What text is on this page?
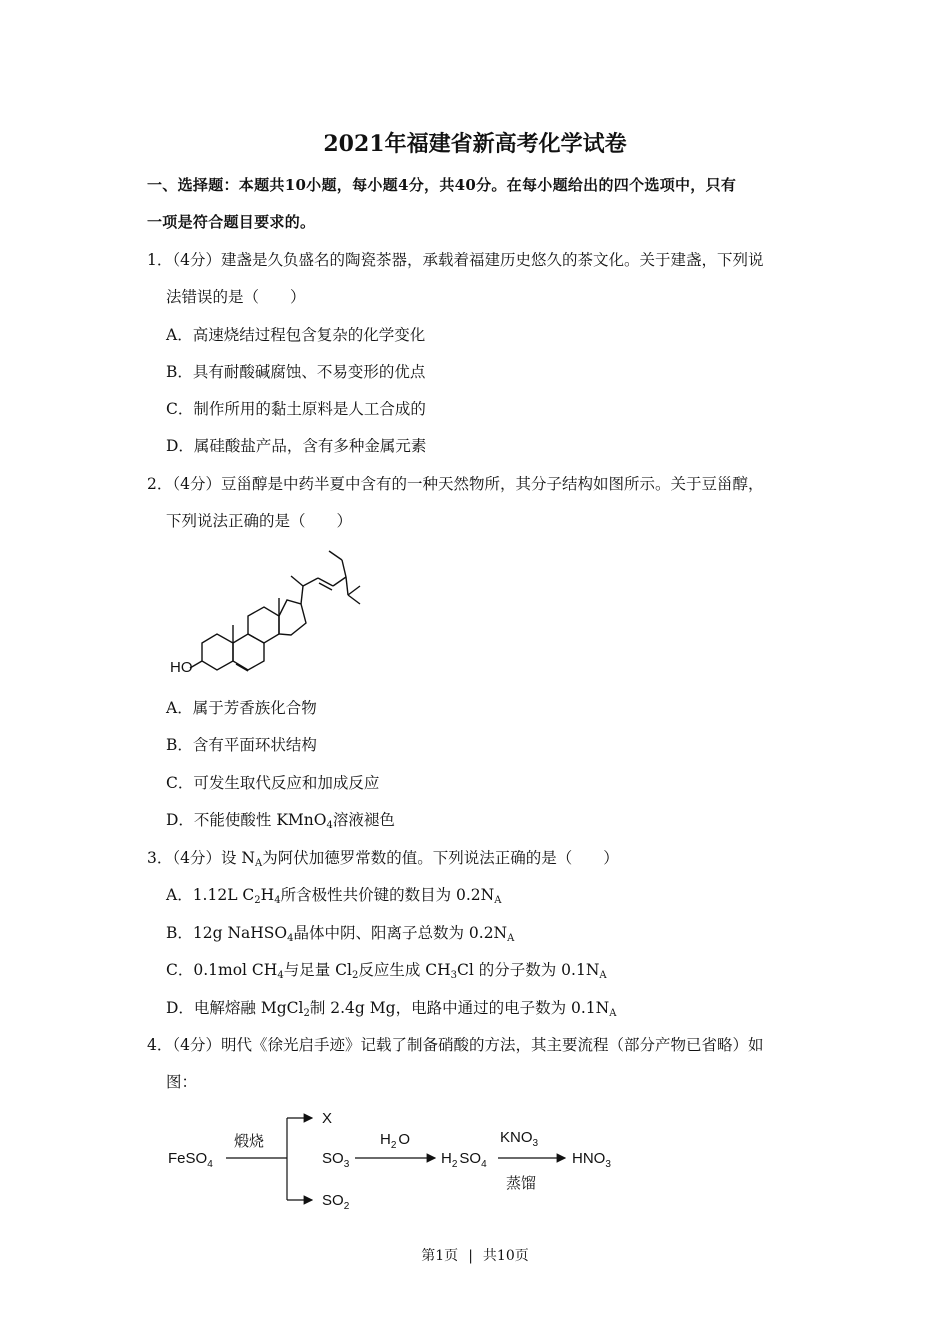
2021年福建省新高考化学试卷
一、选择题：本题共10小题，每小题4分，共40分。在每小题给出的四个选项中，只有
一项是符合题目要求的。
1．（4分）建盏是久负盛名的陶瓷茶器，承载着福建历史悠久的茶文化。关于建盏，下列说
法错误的是（　　）
A．高速烧结过程包含复杂的化学变化
B．具有耐酸碱腐蚀、不易变形的优点
C．制作所用的黏土原料是人工合成的
D．属硅酸盐产品，含有多种金属元素
2．（4分）豆甾醇是中药半夏中含有的一种天然物所，其分子结构如图所示。关于豆甾醇，
下列说法正确的是（　　）
HO
A．属于芳香族化合物
B．含有平面环状结构
C．可发生取代反应和加成反应
D．不能使酸性 KMnO$_4$溶液褪色
3．（4分）设 $N_A$为阿伏加德罗常数的值。下列说法正确的是（　　）
A．1.12L $C_2H_4$所含极性共价键的数目为 $0.2N_A$
B．12g NaHSO$_4$晶体中阴、阳离子总数为 $0.2N_A$
C．0.1mol $CH_4$与足量 $Cl_2$反应生成 $CH_3Cl$ 的分子数为 $0.1N_A$
D．电解熔融 MgCl$_2$制 2.4g Mg，电路中通过的电子数为 $0.1N_A$
4．（4分）明代《徐光启手迹》记载了制备硝酸的方法，其主要流程（部分产物已省略）如
图：
FeSO$_4$
煅烧
X
$SO_3$
$SO_2$
$H_2$ O
$H_2$ $SO_4$
$KNO_3$
蒸馏
$HNO_3$
第1页 | 共10页
